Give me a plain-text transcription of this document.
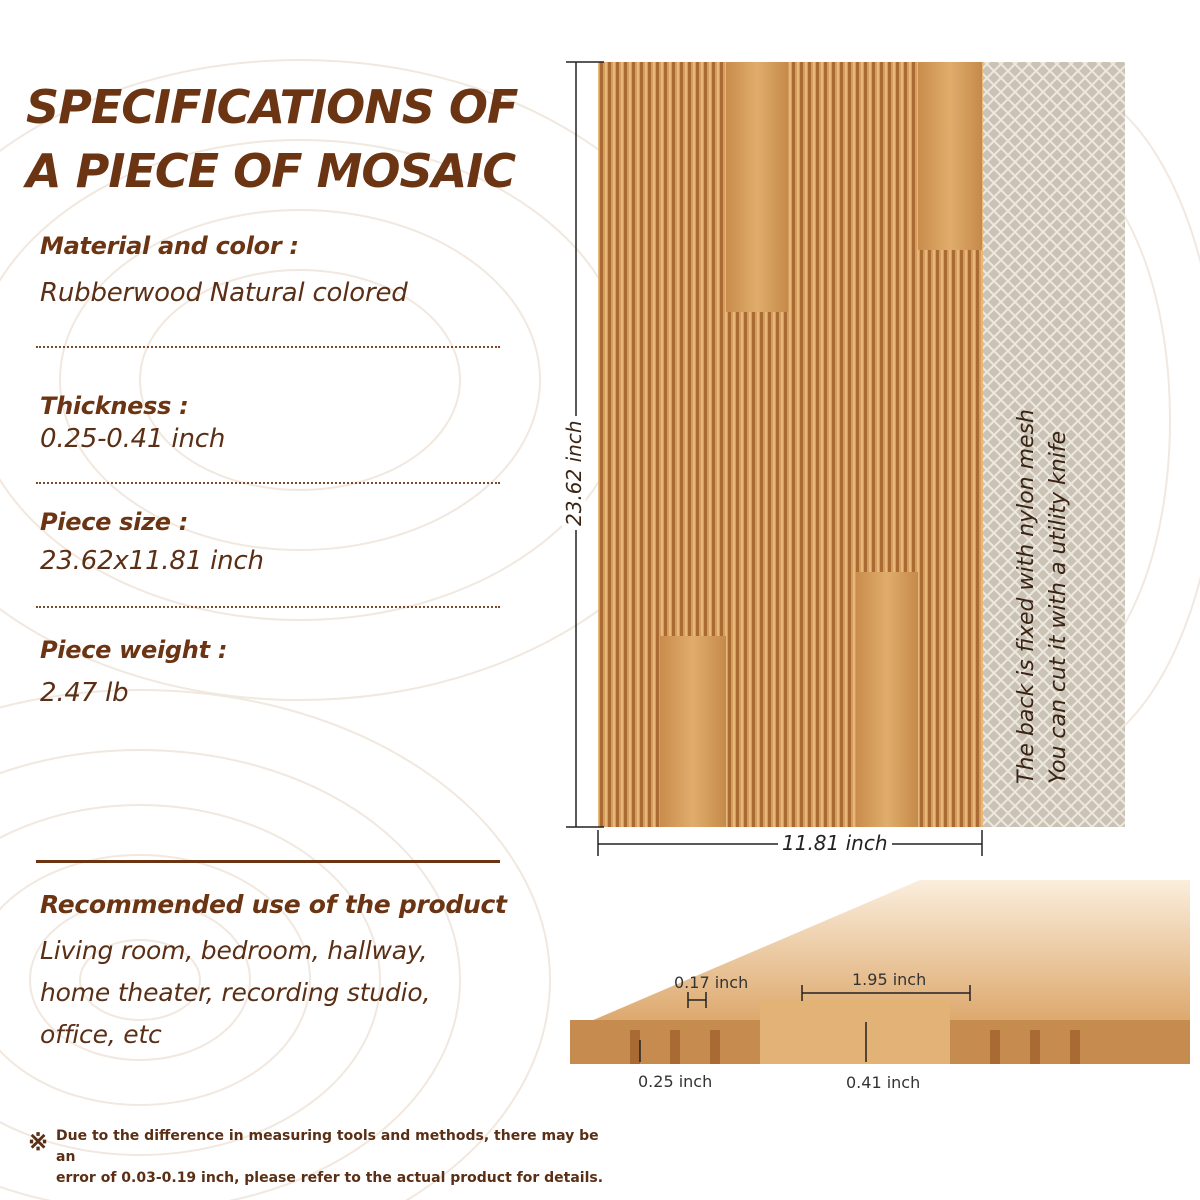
SPECIFICATIONS OF
A PIECE OF MOSAIC
Material and color :
Rubberwood Natural colored
Thickness :
0.25-0.41 inch
Piece size :
23.62x11.81 inch
Piece weight :
2.47 lb
Recommended use of the product
Living room, bedroom, hallway,
home theater, recording studio,
office, etc
※ Due to the difference in measuring tools and methods, there may be an
error of 0.03-0.19 inch, please refer to the actual product for details.
23.62 inch
11.81 inch
The back is fixed with nylon mesh You can cut it with a utility knife
0.17 inch	1.95 inch
0.25 inch	0.41 inch
